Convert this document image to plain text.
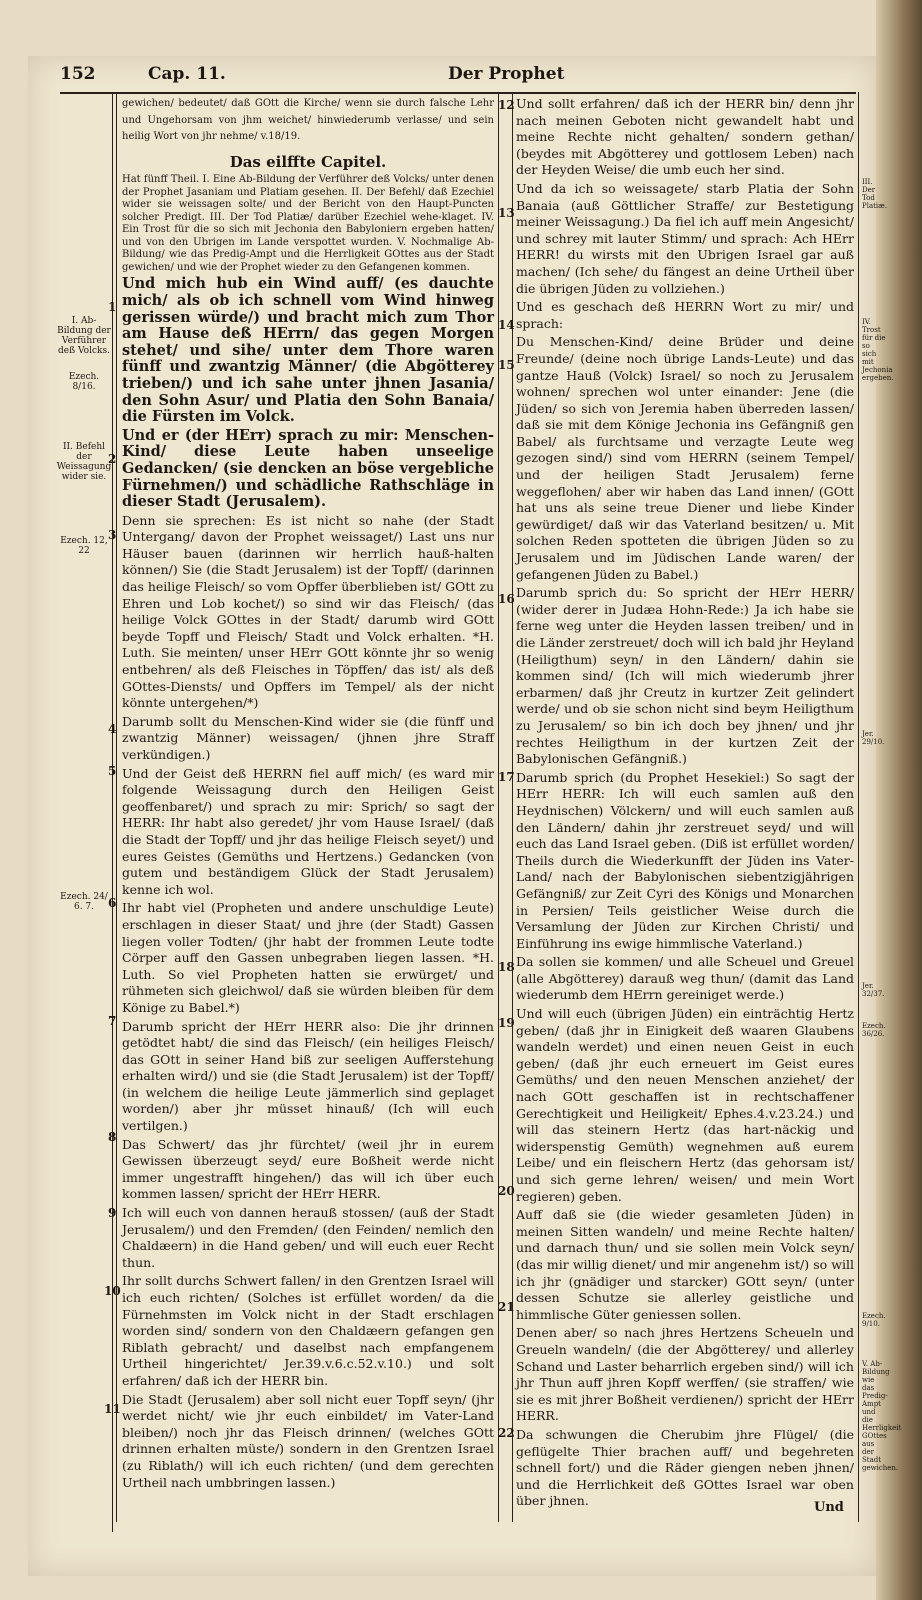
152	Cap. 11.	Der Prophet
I. Ab-Bildung der Verführer deß Volcks.
Ezech. 8/16.
II. Befehl der Weissagung wider sie.
Ezech. 12, 22
Ezech. 24/ 6. 7.
III. Der Tod Platiæ.
IV. Trost für die so sich mit Jechonia ergeben.
Jer. 29/10.
Jer. 32/37.
Ezech. 36/26.
Ezech. 9/10.
V. Ab-Bildung wie das Predig-Ampt und die Herrligkeit GOttes aus der Stadt gewichen.
1
2
3
4
5
6
7
8
9
10
11
12
13
14
15
16
17
18
19
20
21
22

gewichen/ bedeutet/ daß GOtt die Kirche/ wenn sie durch falsche Lehr und Ungehorsam von jhm weichet/ hinwiederumb verlasse/ und sein heilig Wort von jhr nehme/ v.18/19.

Das eilffte Capitel.

Hat fünff Theil. I. Eine Ab-Bildung der Verführer deß Volcks/ unter denen der Prophet Jasaniam und Platiam gesehen. II. Der Befehl/ daß Ezechiel wider sie weissagen solte/ und der Bericht von den Haupt-Puncten solcher Predigt. III. Der Tod Platiæ/ darüber Ezechiel wehe-klaget. IV. Ein Trost für die so sich mit Jechonia den Babyloniern ergeben hatten/ und von den Ubrigen im Lande verspottet wurden. V. Nochmalige Ab-Bildung/ wie das Predig-Ampt und die Herrligkeit GOttes aus der Stadt gewichen/ und wie der Prophet wieder zu den Gefangenen kommen.

Und mich hub ein Wind auff/ (es dauchte mich/ als ob ich schnell vom Wind hinweg gerissen würde/) und bracht mich zum Thor am Hause deß HErrn/ das gegen Morgen stehet/ und sihe/ unter dem Thore waren fünff und zwantzig Männer/ (die Abgötterey trieben/) und ich sahe unter jhnen Jasania/ den Sohn Asur/ und Platia den Sohn Banaia/ die Fürsten im Volck.

Und er (der HErr) sprach zu mir: Menschen-Kind/ diese Leute haben unseelige Gedancken/ (sie dencken an böse vergebliche Fürnehmen/) und schädliche Rathschläge in dieser Stadt (Jerusalem).

Denn sie sprechen: Es ist nicht so nahe (der Stadt Untergang/ davon der Prophet weissaget/) Last uns nur Häuser bauen (darinnen wir herrlich hauß-halten können/) Sie (die Stadt Jerusalem) ist der Topff/ (darinnen das heilige Fleisch/ so vom Opffer überblieben ist/ GOtt zu Ehren und Lob kochet/) so sind wir das Fleisch/ (das heilige Volck GOttes in der Stadt/ darumb wird GOtt beyde Topff und Fleisch/ Stadt und Volck erhalten. *H. Luth. Sie meinten/ unser HErr GOtt könnte jhr so wenig entbehren/ als deß Fleisches in Töpffen/ das ist/ als deß GOttes-Diensts/ und Opffers im Tempel/ als der nicht könnte untergehen/*)

Darumb sollt du Menschen-Kind wider sie (die fünff und zwantzig Männer) weissagen/ (jhnen jhre Straff verkündigen.)

Und der Geist deß HERRN fiel auff mich/ (es ward mir folgende Weissagung durch den Heiligen Geist geoffenbaret/) und sprach zu mir: Sprich/ so sagt der HERR: Ihr habt also geredet/ jhr vom Hause Israel/ (daß die Stadt der Topff/ und jhr das heilige Fleisch seyet/) und eures Geistes (Gemüths und Hertzens.) Gedancken (von gutem und beständigem Glück der Stadt Jerusalem) kenne ich wol.

Ihr habt viel (Propheten und andere unschuldige Leute) erschlagen in dieser Staat/ und jhre (der Stadt) Gassen liegen voller Todten/ (jhr habt der frommen Leute todte Cörper auff den Gassen unbegraben liegen lassen. *H. Luth. So viel Propheten hatten sie erwürget/ und rühmeten sich gleichwol/ daß sie würden bleiben für dem Könige zu Babel.*)

Darumb spricht der HErr HERR also: Die jhr drinnen getödtet habt/ die sind das Fleisch/ (ein heiliges Fleisch/ das GOtt in seiner Hand biß zur seeligen Aufferstehung erhalten wird/) und sie (die Stadt Jerusalem) ist der Topff/ (in welchem die heilige Leute jämmerlich sind geplaget worden/) aber jhr müsset hinauß/ (Ich will euch vertilgen.)

Das Schwert/ das jhr fürchtet/ (weil jhr in eurem Gewissen überzeugt seyd/ eure Boßheit werde nicht immer ungestrafft hingehen/) das will ich über euch kommen lassen/ spricht der HErr HERR.

Ich will euch von dannen herauß stossen/ (auß der Stadt Jerusalem/) und den Fremden/ (den Feinden/ nemlich den Chaldæern) in die Hand geben/ und will euch euer Recht thun.

Ihr sollt durchs Schwert fallen/ in den Grentzen Israel will ich euch richten/ (Solches ist erfüllet worden/ da die Fürnehmsten im Volck nicht in der Stadt erschlagen worden sind/ sondern von den Chaldæern gefangen gen Riblath gebracht/ und daselbst nach empfangenem Urtheil hingerichtet/ Jer.39.v.6.c.52.v.10.) und solt erfahren/ daß ich der HERR bin.

Die Stadt (Jerusalem) aber soll nicht euer Topff seyn/ (jhr werdet nicht/ wie jhr euch einbildet/ im Vater-Land bleiben/) noch jhr das Fleisch drinnen/ (welches GOtt drinnen erhalten müste/) sondern in den Grentzen Israel (zu Riblath/) will ich euch richten/ (und dem gerechten Urtheil nach umbbringen lassen.)

Und sollt erfahren/ daß ich der HERR bin/ denn jhr nach meinen Geboten nicht gewandelt habt und meine Rechte nicht gehalten/ sondern gethan/ (beydes mit Abgötterey und gottlosem Leben) nach der Heyden Weise/ die umb euch her sind.

Und da ich so weissagete/ starb Platia der Sohn Banaia (auß Göttlicher Straffe/ zur Bestetigung meiner Weissagung.) Da fiel ich auff mein Angesicht/ und schrey mit lauter Stimm/ und sprach: Ach HErr HERR! du wirsts mit den Ubrigen Israel gar auß machen/ (Ich sehe/ du fängest an deine Urtheil über die übrigen Jüden zu vollziehen.)

Und es geschach deß HERRN Wort zu mir/ und sprach:

Du Menschen-Kind/ deine Brüder und deine Freunde/ (deine noch übrige Lands-Leute) und das gantze Hauß (Volck) Israel/ so noch zu Jerusalem wohnen/ sprechen wol unter einander: Jene (die Jüden/ so sich von Jeremia haben überreden lassen/ daß sie mit dem Könige Jechonia ins Gefängniß gen Babel/ als furchtsame und verzagte Leute weg gezogen sind/) sind vom HERRN (seinem Tempel/ und der heiligen Stadt Jerusalem) ferne weggeflohen/ aber wir haben das Land innen/ (GOtt hat uns als seine treue Diener und liebe Kinder gewürdiget/ daß wir das Vaterland besitzen/ u. Mit solchen Reden spotteten die übrigen Jüden so zu Jerusalem und im Jüdischen Lande waren/ der gefangenen Jüden zu Babel.)

Darumb sprich du: So spricht der HErr HERR/ (wider derer in Judæa Hohn-Rede:) Ja ich habe sie ferne weg unter die Heyden lassen treiben/ und in die Länder zerstreuet/ doch will ich bald jhr Heyland (Heiligthum) seyn/ in den Ländern/ dahin sie kommen sind/ (Ich will mich wiederumb jhrer erbarmen/ daß jhr Creutz in kurtzer Zeit gelindert werde/ und ob sie schon nicht sind beym Heiligthum zu Jerusalem/ so bin ich doch bey jhnen/ und jhr rechtes Heiligthum in der kurtzen Zeit der Babylonischen Gefängniß.)

Darumb sprich (du Prophet Hesekiel:) So sagt der HErr HERR: Ich will euch samlen auß den Heydnischen) Völckern/ und will euch samlen auß den Ländern/ dahin jhr zerstreuet seyd/ und will euch das Land Israel geben. (Diß ist erfüllet worden/ Theils durch die Wiederkunfft der Jüden ins Vater-Land/ nach der Babylonischen siebentzigjährigen Gefängniß/ zur Zeit Cyri des Königs und Monarchen in Persien/ Teils geistlicher Weise durch die Versamlung der Jüden zur Kirchen Christi/ und Einführung ins ewige himmlische Vaterland.)

Da sollen sie kommen/ und alle Scheuel und Greuel (alle Abgötterey) darauß weg thun/ (damit das Land wiederumb dem HErrn gereiniget werde.)

Und will euch (übrigen Jüden) ein einträchtig Hertz geben/ (daß jhr in Einigkeit deß waaren Glaubens wandeln werdet) und einen neuen Geist in euch geben/ (daß jhr euch erneuert im Geist eures Gemüths/ und den neuen Menschen anziehet/ der nach GOtt geschaffen ist in rechtschaffener Gerechtigkeit und Heiligkeit/ Ephes.4.v.23.24.) und will das steinern Hertz (das hart-näckig und widerspenstig Gemüth) wegnehmen auß eurem Leibe/ und ein fleischern Hertz (das gehorsam ist/ und sich gerne lehren/ weisen/ und mein Wort regieren) geben.

Auff daß sie (die wieder gesamleten Jüden) in meinen Sitten wandeln/ und meine Rechte halten/ und darnach thun/ und sie sollen mein Volck seyn/ (das mir willig dienet/ und mir angenehm ist/) so will ich jhr (gnädiger und starcker) GOtt seyn/ (unter dessen Schutze sie allerley geistliche und himmlische Güter geniessen sollen.

Denen aber/ so nach jhres Hertzens Scheueln und Greueln wandeln/ (die der Abgötterey/ und allerley Schand und Laster beharrlich ergeben sind/) will ich jhr Thun auff jhren Kopff werffen/ (sie straffen/ wie sie es mit jhrer Boßheit verdienen/) spricht der HErr HERR.

Da schwungen die Cherubim jhre Flügel/ (die geflügelte Thier brachen auff/ und begehreten schnell fort/) und die Räder giengen neben jhnen/ und die Herrlichkeit deß GOttes Israel war oben über jhnen.	Und
